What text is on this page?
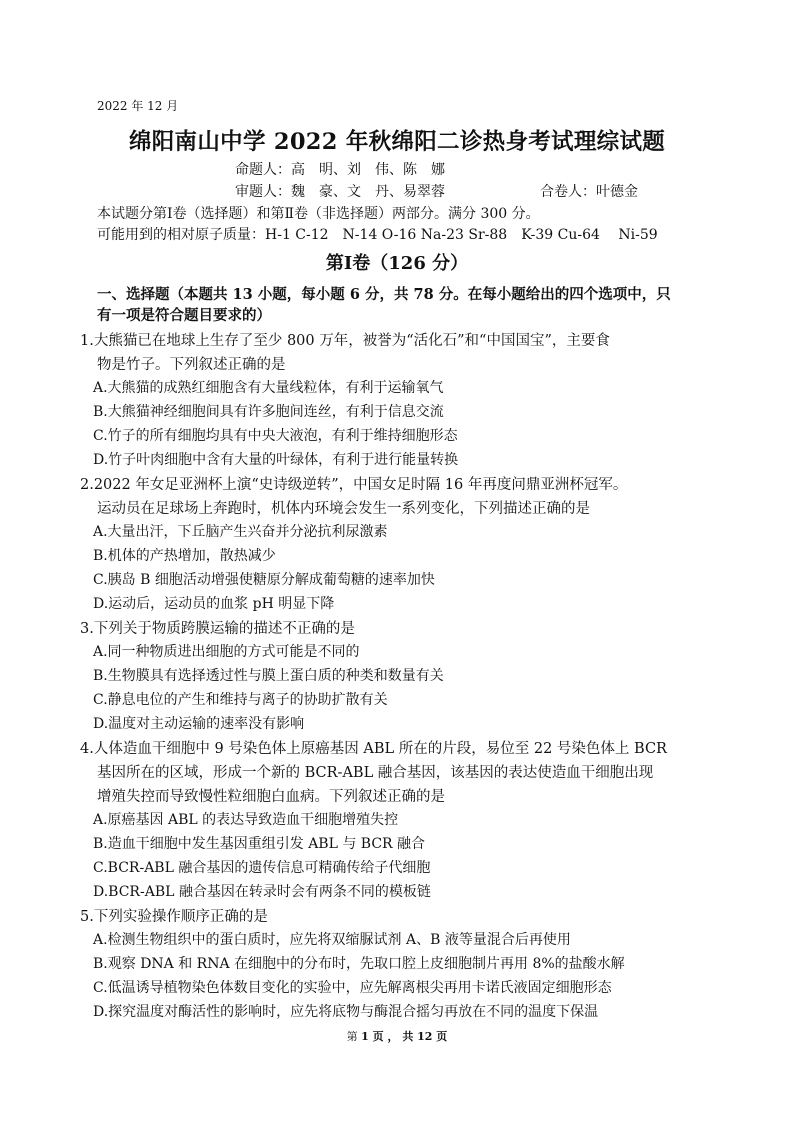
2022 年 12 月
绵阳南山中学 2022 年秋绵阳二诊热身考试理综试题
命题人：高　明、刘　伟、陈　娜
审题人：魏　豪、文　丹、易翠蓉	合卷人：叶德金
本试题分第Ⅰ卷（选择题）和第Ⅱ卷（非选择题）两部分。满分 300 分。
可能用到的相对原子质量：H-1 C-12　N-14 O-16 Na-23 Sr-88　K-39 Cu-64　 Ni-59
第Ⅰ卷（126 分）
一、选择题（本题共 13 小题，每小题 6 分，共 78 分。在每小题给出的四个选项中，只
有一项是符合题目要求的）
1.大熊猫已在地球上生存了至少 800 万年，被誉为“活化石”和“中国国宝”，主要食
物是竹子。下列叙述正确的是
A.大熊猫的成熟红细胞含有大量线粒体，有利于运输氧气
B.大熊猫神经细胞间具有许多胞间连丝，有利于信息交流
C.竹子的所有细胞均具有中央大液泡，有利于维持细胞形态
D.竹子叶肉细胞中含有大量的叶绿体，有利于进行能量转换
2.2022 年女足亚洲杯上演“史诗级逆转”，中国女足时隔 16 年再度问鼎亚洲杯冠军。
运动员在足球场上奔跑时，机体内环境会发生一系列变化，下列描述正确的是
A.大量出汗，下丘脑产生兴奋并分泌抗利尿激素
B.机体的产热增加，散热减少
C.胰岛 B 细胞活动增强使糖原分解成葡萄糖的速率加快
D.运动后，运动员的血浆 pH 明显下降
3.下列关于物质跨膜运输的描述不正确的是
A.同一种物质进出细胞的方式可能是不同的
B.生物膜具有选择透过性与膜上蛋白质的种类和数量有关
C.静息电位的产生和维持与离子的协助扩散有关
D.温度对主动运输的速率没有影响
4.人体造血干细胞中 9 号染色体上原癌基因 ABL 所在的片段，易位至 22 号染色体上 BCR
基因所在的区域，形成一个新的 BCR-ABL 融合基因，该基因的表达使造血干细胞出现
增殖失控而导致慢性粒细胞白血病。下列叙述正确的是
A.原癌基因 ABL 的表达导致造血干细胞增殖失控
B.造血干细胞中发生基因重组引发 ABL 与 BCR 融合
C.BCR-ABL 融合基因的遗传信息可精确传给子代细胞
D.BCR-ABL 融合基因在转录时会有两条不同的模板链
5.下列实验操作顺序正确的是
A.检测生物组织中的蛋白质时，应先将双缩脲试剂 A、B 液等量混合后再使用
B.观察 DNA 和 RNA 在细胞中的分布时，先取口腔上皮细胞制片再用 8%的盐酸水解
C.低温诱导植物染色体数目变化的实验中，应先解离根尖再用卡诺氏液固定细胞形态
D.探究温度对酶活性的影响时，应先将底物与酶混合摇匀再放在不同的温度下保温
第 1 页 ， 共 12 页
